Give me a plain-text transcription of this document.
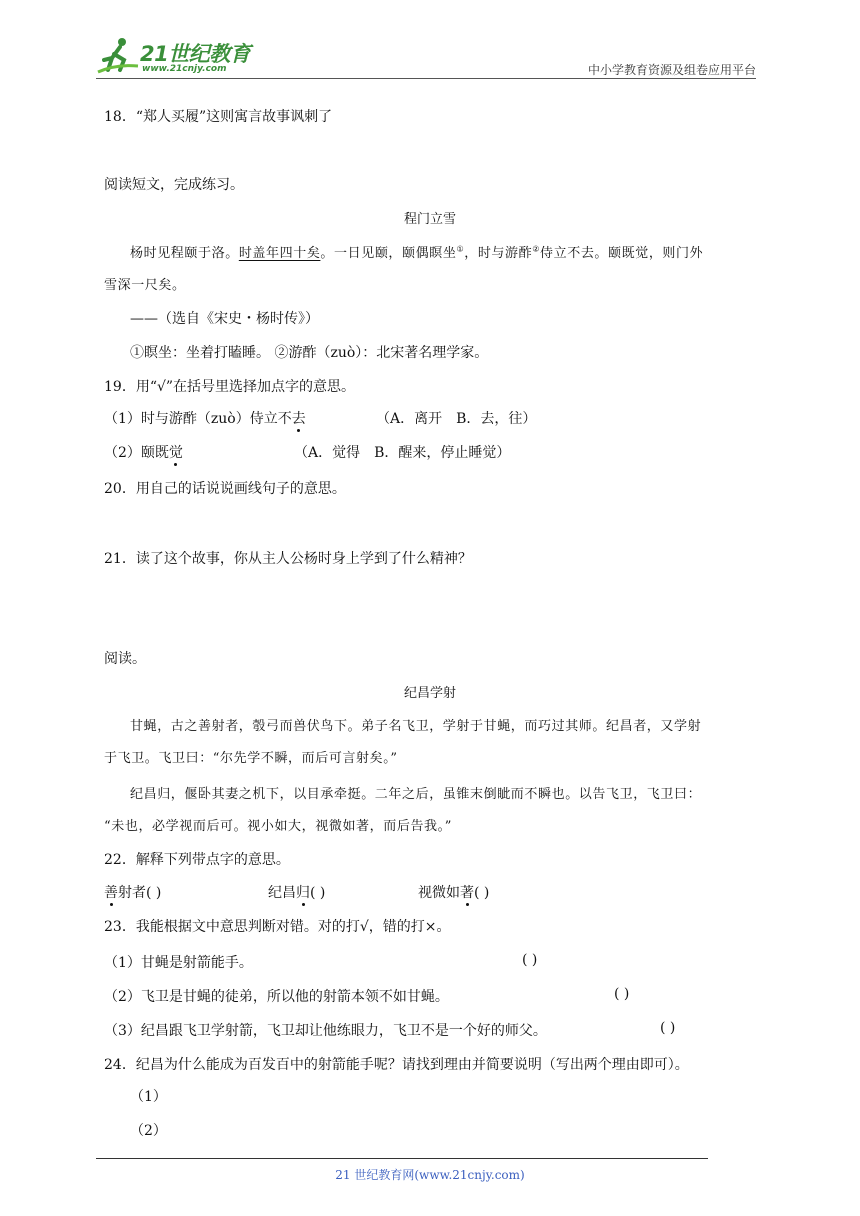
21世纪教育
www.21cnjy.com	中小学教育资源及组卷应用平台
18．“郑人买履”这则寓言故事讽刺了
阅读短文，完成练习。
程门立雪
杨时见程颐于洛。时盖年四十矣。一日见颐，颐偶瞑坐①，时与游酢②侍立不去。颐既觉，则门外
雪深一尺矣。
——（选自《宋史・杨时传》）
①瞑坐：坐着打瞌睡。 ②游酢（zuò）：北宋著名理学家。
19．用“√”在括号里选择加点字的意思。
（1）时与游酢（zuò）侍立不去	（A．离开　B．去，往）
（2）颐既觉	（A．觉得　B．醒来，停止睡觉）
20．用自己的话说说画线句子的意思。
21．读了这个故事，你从主人公杨时身上学到了什么精神？
阅读。
纪昌学射
甘蝇，古之善射者，彀弓而兽伏鸟下。弟子名飞卫，学射于甘蝇，而巧过其师。纪昌者，又学射
于飞卫。飞卫曰：“尔先学不瞬，而后可言射矣。”
纪昌归，偃卧其妻之机下，以目承牵挺。二年之后，虽锥末倒眦而不瞬也。以告飞卫，飞卫曰：
“未也，必学视而后可。视小如大，视微如著，而后告我。”
22．解释下列带点字的意思。
善射者( )	纪昌归( )	视微如著( )
23．我能根据文中意思判断对错。对的打√，错的打×。
（1）甘蝇是射箭能手。	( )
（2）飞卫是甘蝇的徒弟，所以他的射箭本领不如甘蝇。	( )
（3）纪昌跟飞卫学射箭，飞卫却让他练眼力，飞卫不是一个好的师父。	( )
24．纪昌为什么能成为百发百中的射箭能手呢？请找到理由并简要说明（写出两个理由即可）。
（1）
（2）
21 世纪教育网(www.21cnjy.com)
